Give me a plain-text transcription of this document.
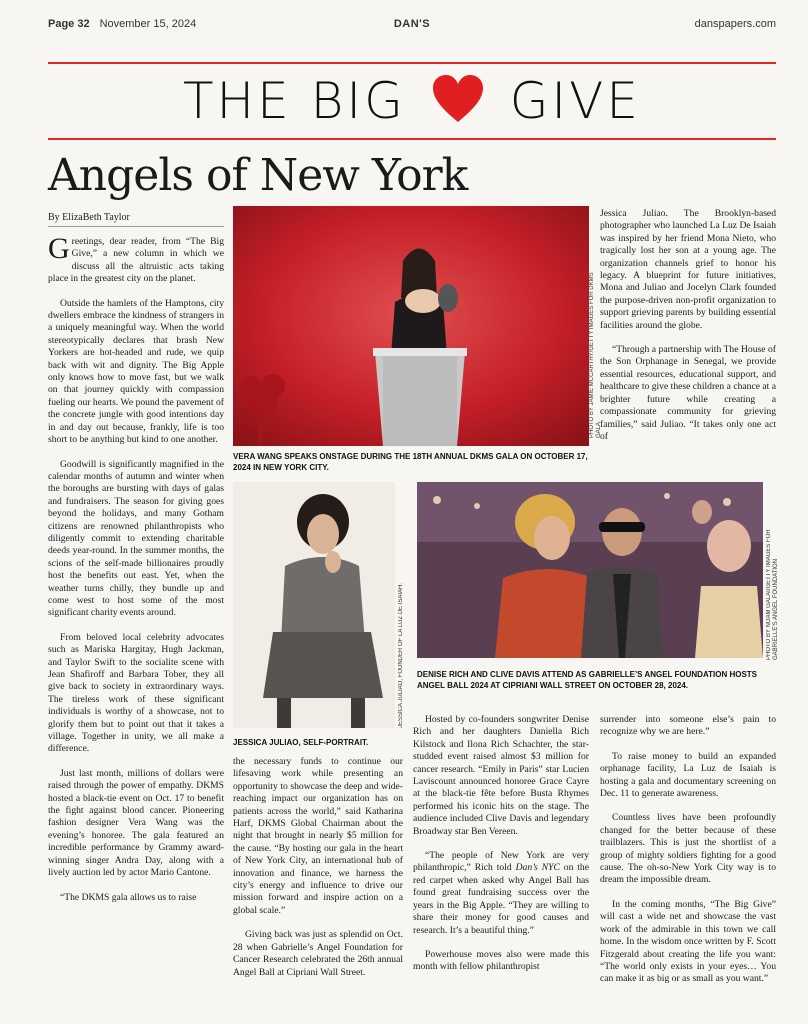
Page 32 November 15, 2024	DAN'S	danspapers.com
THE BIG GIVE
Angels of New York
By ElizaBeth Taylor

Greetings, dear reader, from “The Big Give,” a new column in which we discuss all the altruistic acts taking place in the greatest city on the planet.

Outside the hamlets of the Hamptons, city dwellers embrace the kindness of strangers in a uniquely meaningful way. When the world stereotypically declares that brash New Yorkers are hot-headed and rude, we quip back with wit and dignity. The Big Apple only knows how to move fast, but we walk on that journey quickly with compassion fueling our hearts. We pound the pavement of the concrete jungle with good intentions day in and day out because, frankly, life is too short to be anything but kind to one another.

Goodwill is significantly magnified in the calendar months of autumn and winter when the boroughs are bursting with days of galas and fundraisers. The season for giving goes beyond the holidays, and many Gotham citizens are renowned philanthropists who diligently commit to extending charitable deeds year-round. In the summer months, the scions of the self-made billionaires proudly host the benefits out east. Yet, when the weather turns chilly, they bundle up and come west to host some of the most significant charity events around.

From beloved local celebrity advocates such as Mariska Hargitay, Hugh Jackman, and Taylor Swift to the socialite scene with Jean Shafiroff and Barbara Tober, they all give back to society in extraordinary ways. The tireless work of these significant individuals is worthy of a showcase, not to glorify them but to point out that it takes a village. Together in unity, we all make a difference.

Just last month, millions of dollars were raised through the power of empathy. DKMS hosted a black-tie event on Oct. 17 to benefit the fight against blood cancer. Pioneering fashion designer Vera Wang was the evening’s honoree. The gala featured an incredible performance by Grammy award-winning singer Andra Day, along with a lively auction led by actor Mario Cantone.

“The DKMS gala allows us to raise

PHOTO BY JAMIE MCCARTHY/GETTY IMAGES FOR DKMS GALA
VERA WANG SPEAKS ONSTAGE DURING THE 18TH ANNUAL DKMS GALA ON OCTOBER 17, 2024 IN NEW YORK CITY.
JESSICA JULIAO, FOUNDER OF LA LUZ DE ISAIAH.
JESSICA JULIAO, SELF-PORTRAIT.
PHOTO BY NOAM GALAI/GETTY IMAGES FOR GABRIELLE’S ANGEL FOUNDATION
DENISE RICH AND CLIVE DAVIS ATTEND AS GABRIELLE’S ANGEL FOUNDATION HOSTS ANGEL BALL 2024 AT CIPRIANI WALL STREET ON OCTOBER 28, 2024.

the necessary funds to continue our lifesaving work while presenting an opportunity to showcase the deep and wide-reaching impact our organization has on patients across the world,” said Katharina Harf, DKMS Global Chairman about the night that brought in nearly $5 million for the cause. “By hosting our gala in the heart of New York City, an international hub of innovation and finance, we harness the city’s energy and influence to drive our mission forward and inspire action on a global scale.”

Giving back was just as splendid on Oct. 28 when Gabrielle’s Angel Foundation for Cancer Research celebrated the 26th annual Angel Ball at Cipriani Wall Street.

Hosted by co-founders songwriter Denise Rich and her daughters Daniella Rich Kilstock and Ilona Rich Schachter, the star-studded event raised almost $3 million for cancer research. “Emily in Paris” star Lucien Laviscount announced honoree Grace Cayre at the black-tie fête before Busta Rhymes performed his iconic hits on the stage. The audience included Clive Davis and legendary Broadway star Ben Vereen.

“The people of New York are very philanthropic,” Rich told Dan’s NYC on the red carpet when asked why Angel Ball has found great fundraising success over the years in the Big Apple. “They are willing to share their money for good causes and research. It’s a beautiful thing.”

Powerhouse moves also were made this month with fellow philanthropist

Jessica Juliao. The Brooklyn-based photographer who launched La Luz De Isaiah was inspired by her friend Mona Nieto, who tragically lost her son at a young age. The organization channels grief to honor his legacy. A blueprint for future initiatives, Mona and Juliao and Jocelyn Clark founded the purpose-driven non-profit organization to support grieving parents by building essential facilities around the globe.

“Through a partnership with The House of the Son Orphanage in Senegal, we provide essential resources, educational support, and healthcare to give these children a chance at a brighter future while creating a compassionate community for grieving families,” said Juliao. “It takes only one act of

surrender into someone else’s pain to recognize why we are here.”

To raise money to build an expanded orphanage facility, La Luz de Isaiah is hosting a gala and documentary screening on Dec. 11 to generate awareness.

Countless lives have been profoundly changed for the better because of these trailblazers. This is just the shortlist of a group of mighty soldiers fighting for a good cause. The oh-so-New York City way is to dream the impossible dream.

In the coming months, “The Big Give” will cast a wide net and showcase the vast work of the admirable in this town we call home. In the wisdom once written by F. Scott Fitzgerald about creating the life you want: “The world only exists in your eyes… You can make it as big or as small as you want.”
